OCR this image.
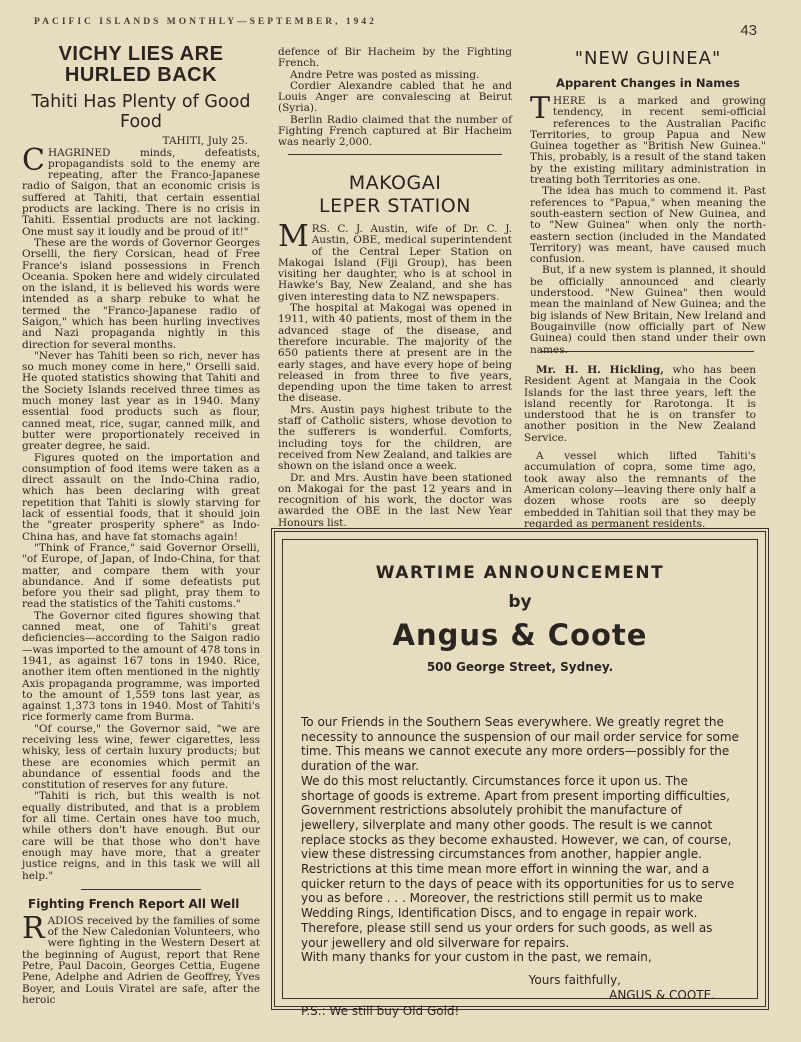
PACIFIC ISLANDS MONTHLY—SEPTEMBER, 1942	43
VICHY LIES ARE HURLED BACK
Tahiti Has Plenty of Good Food

TAHITI, July 25.

CHAGRINED minds, defeatists, propagandists sold to the enemy are repeating, after the Franco-Japanese radio of Saigon, that an economic crisis is suffered at Tahiti, that certain essential products are lacking. There is no crisis in Tahiti. Essential products are not lacking. One must say it loudly and be proud of it!"

These are the words of Governor Georges Orselli, the fiery Corsican, head of Free France's island possessions in French Oceania. Spoken here and widely circulated on the island, it is believed his words were intended as a sharp rebuke to what he termed the "Franco-Japanese radio of Saigon," which has been hurling invectives and Nazi propaganda nightly in this direction for several months.

"Never has Tahiti been so rich, never has so much money come in here," Orselli said. He quoted statistics showing that Tahiti and the Society Islands received three times as much money last year as in 1940. Many essential food products such as flour, canned meat, rice, sugar, canned milk, and butter were proportionately received in greater degree, he said.

Figures quoted on the importation and consumption of food items were taken as a direct assault on the Indo-China radio, which has been declaring with great repetition that Tahiti is slowly starving for lack of essential foods, that it should join the "greater prosperity sphere" as Indo-China has, and have fat stomachs again!

"Think of France," said Governor Orselli, "of Europe, of Japan, of Indo-China, for that matter, and compare them with your abundance. And if some defeatists put before you their sad plight, pray them to read the statistics of the Tahiti customs."

The Governor cited figures showing that canned meat, one of Tahiti's great deficiencies—according to the Saigon radio—was imported to the amount of 478 tons in 1941, as against 167 tons in 1940. Rice, another item often mentioned in the nightly Axis propaganda programme, was imported to the amount of 1,559 tons last year, as against 1,373 tons in 1940. Most of Tahiti's rice formerly came from Burma.

"Of course," the Governor said, "we are receiving less wine, fewer cigarettes, less whisky, less of certain luxury products; but these are economies which permit an abundance of essential foods and the constitution of reserves for any future.

"Tahiti is rich, but this wealth is not equally distributed, and that is a problem for all time. Certain ones have too much, while others don't have enough. But our care will be that those who don't have enough may have more, that a greater justice reigns, and in this task we will all help."

Fighting French Report All Well

RADIOS received by the families of some of the New Caledonian Volunteers, who were fighting in the Western Desert at the beginning of August, report that Rene Petre, Paul Dacoin, Georges Cettia, Eugene Pene, Adelphe and Adrien de Geoffrey, Yves Boyer, and Louis Viratel are safe, after the heroic

defence of Bir Hacheim by the Fighting French.

Andre Petre was posted as missing.

Cordier Alexandre cabled that he and Louis Anger are convalescing at Beirut (Syria).

Berlin Radio claimed that the number of Fighting French captured at Bir Hacheim was nearly 2,000.

MAKOGAI LEPER STATION

MRS. C. J. Austin, wife of Dr. C. J. Austin, OBE, medical superintendent of the Central Leper Station on Makogai Island (Fiji Group), has been visiting her daughter, who is at school in Hawke's Bay, New Zealand, and she has given interesting data to NZ newspapers.

The hospital at Makogai was opened in 1911, with 40 patients, most of them in the advanced stage of the disease, and therefore incurable. The majority of the 650 patients there at present are in the early stages, and have every hope of being released in from three to five years, depending upon the time taken to arrest the disease.

Mrs. Austin pays highest tribute to the staff of Catholic sisters, whose devotion to the sufferers is wonderful. Comforts, including toys for the children, are received from New Zealand, and talkies are shown on the island once a week.

Dr. and Mrs. Austin have been stationed on Makogai for the past 12 years and in recognition of his work, the doctor was awarded the OBE in the last New Year Honours list.

"NEW GUINEA"
Apparent Changes in Names

THERE is a marked and growing tendency, in recent semi-official references to the Australian Pacific Territories, to group Papua and New Guinea together as "British New Guinea." This, probably, is a result of the stand taken by the existing military administration in treating both Territories as one.

The idea has much to commend it. Past references to "Papua," when meaning the south-eastern section of New Guinea, and to "New Guinea" when only the north-eastern section (included in the Mandated Territory) was meant, have caused much confusion.

But, if a new system is planned, it should be officially announced and clearly understood. "New Guinea" then would mean the mainland of New Guinea; and the big islands of New Britain, New Ireland and Bougainville (now officially part of New Guinea) could then stand under their own names.

Mr. H. H. Hickling, who has been Resident Agent at Mangaia in the Cook Islands for the last three years, left the island recently for Rarotonga. It is understood that he is on transfer to another position in the New Zealand Service.

A vessel which lifted Tahiti's accumulation of copra, some time ago, took away also the remnants of the American colony—leaving there only half a dozen whose roots are so deeply embedded in Tahitian soil that they may be regarded as permanent residents.

WARTIME ANNOUNCEMENT
by
Angus & Coote
500 George Street, Sydney.

To our Friends in the Southern Seas everywhere. We greatly regret the necessity to announce the suspension of our mail order service for some time. This means we cannot execute any more orders—possibly for the duration of the war.

We do this most reluctantly. Circumstances force it upon us. The shortage of goods is extreme. Apart from present importing difficulties, Government restrictions absolutely prohibit the manufacture of jewellery, silverplate and many other goods. The result is we cannot replace stocks as they become exhausted. However, we can, of course, view these distressing circumstances from another, happier angle. Restrictions at this time mean more effort in winning the war, and a quicker return to the days of peace with its opportunities for us to serve you as before . . . Moreover, the restrictions still permit us to make Wedding Rings, Identification Discs, and to engage in repair work. Therefore, please still send us your orders for such goods, as well as your jewellery and old silverware for repairs.

With many thanks for your custom in the past, we remain,

Yours faithfully,

ANGUS & COOTE.

P.S.: We still buy Old Gold!
